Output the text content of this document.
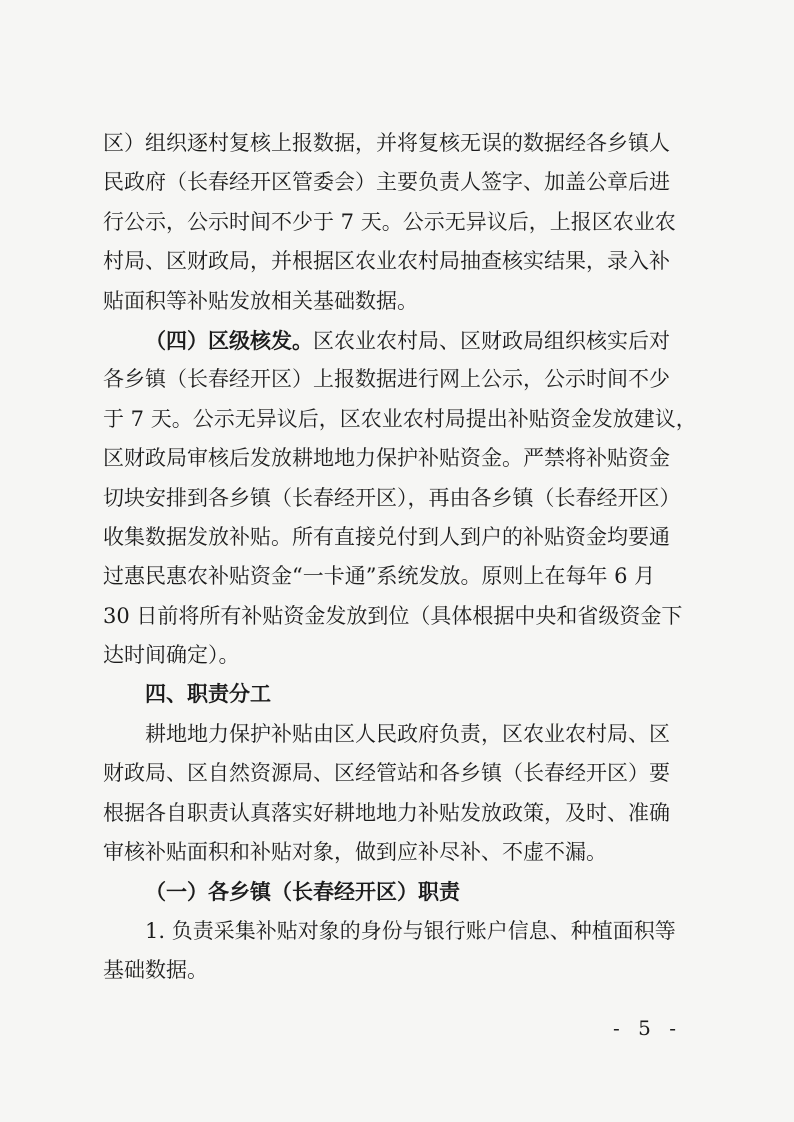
区）组织逐村复核上报数据，并将复核无误的数据经各乡镇人
民政府（长春经开区管委会）主要负责人签字、加盖公章后进
行公示，公示时间不少于 7 天。公示无异议后，上报区农业农
村局、区财政局，并根据区农业农村局抽查核实结果，录入补
贴面积等补贴发放相关基础数据。
（四）区级核发。区农业农村局、区财政局组织核实后对
各乡镇（长春经开区）上报数据进行网上公示，公示时间不少
于 7 天。公示无异议后，区农业农村局提出补贴资金发放建议，
区财政局审核后发放耕地地力保护补贴资金。严禁将补贴资金
切块安排到各乡镇（长春经开区），再由各乡镇（长春经开区）
收集数据发放补贴。所有直接兑付到人到户的补贴资金均要通
过惠民惠农补贴资金“一卡通”系统发放。原则上在每年 6 月
30 日前将所有补贴资金发放到位（具体根据中央和省级资金下
达时间确定）。
四、职责分工
耕地地力保护补贴由区人民政府负责，区农业农村局、区
财政局、区自然资源局、区经管站和各乡镇（长春经开区）要
根据各自职责认真落实好耕地地力补贴发放政策，及时、准确
审核补贴面积和补贴对象，做到应补尽补、不虚不漏。
（一）各乡镇（长春经开区）职责
1. 负责采集补贴对象的身份与银行账户信息、种植面积等
基础数据。
- 5 -
